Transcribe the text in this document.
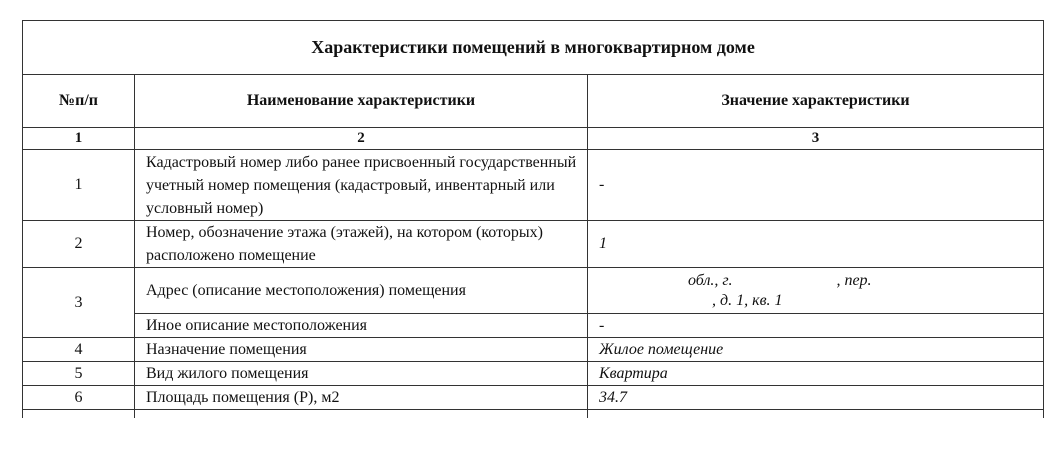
Характеристики помещений в многоквартирном доме		
№п/п	Наименование характеристики	Значение характеристики
1	2	3
1	Кадастровый номер либо ранее присвоенный государственный учетный номер помещения (кадастровый, инвентарный или условный номер)	-
2	Номер, обозначение этажа (этажей), на котором (которых) расположено помещение	1
3	Адрес (описание местоположения) помещения	обл., г.                          , пер.
, д. 1, кв. 1

	Иное описание местоположения	-
4	Назначение помещения	Жилое помещение
5	Вид жилого помещения	Квартира
6	Площадь помещения (P), м2	34.7
